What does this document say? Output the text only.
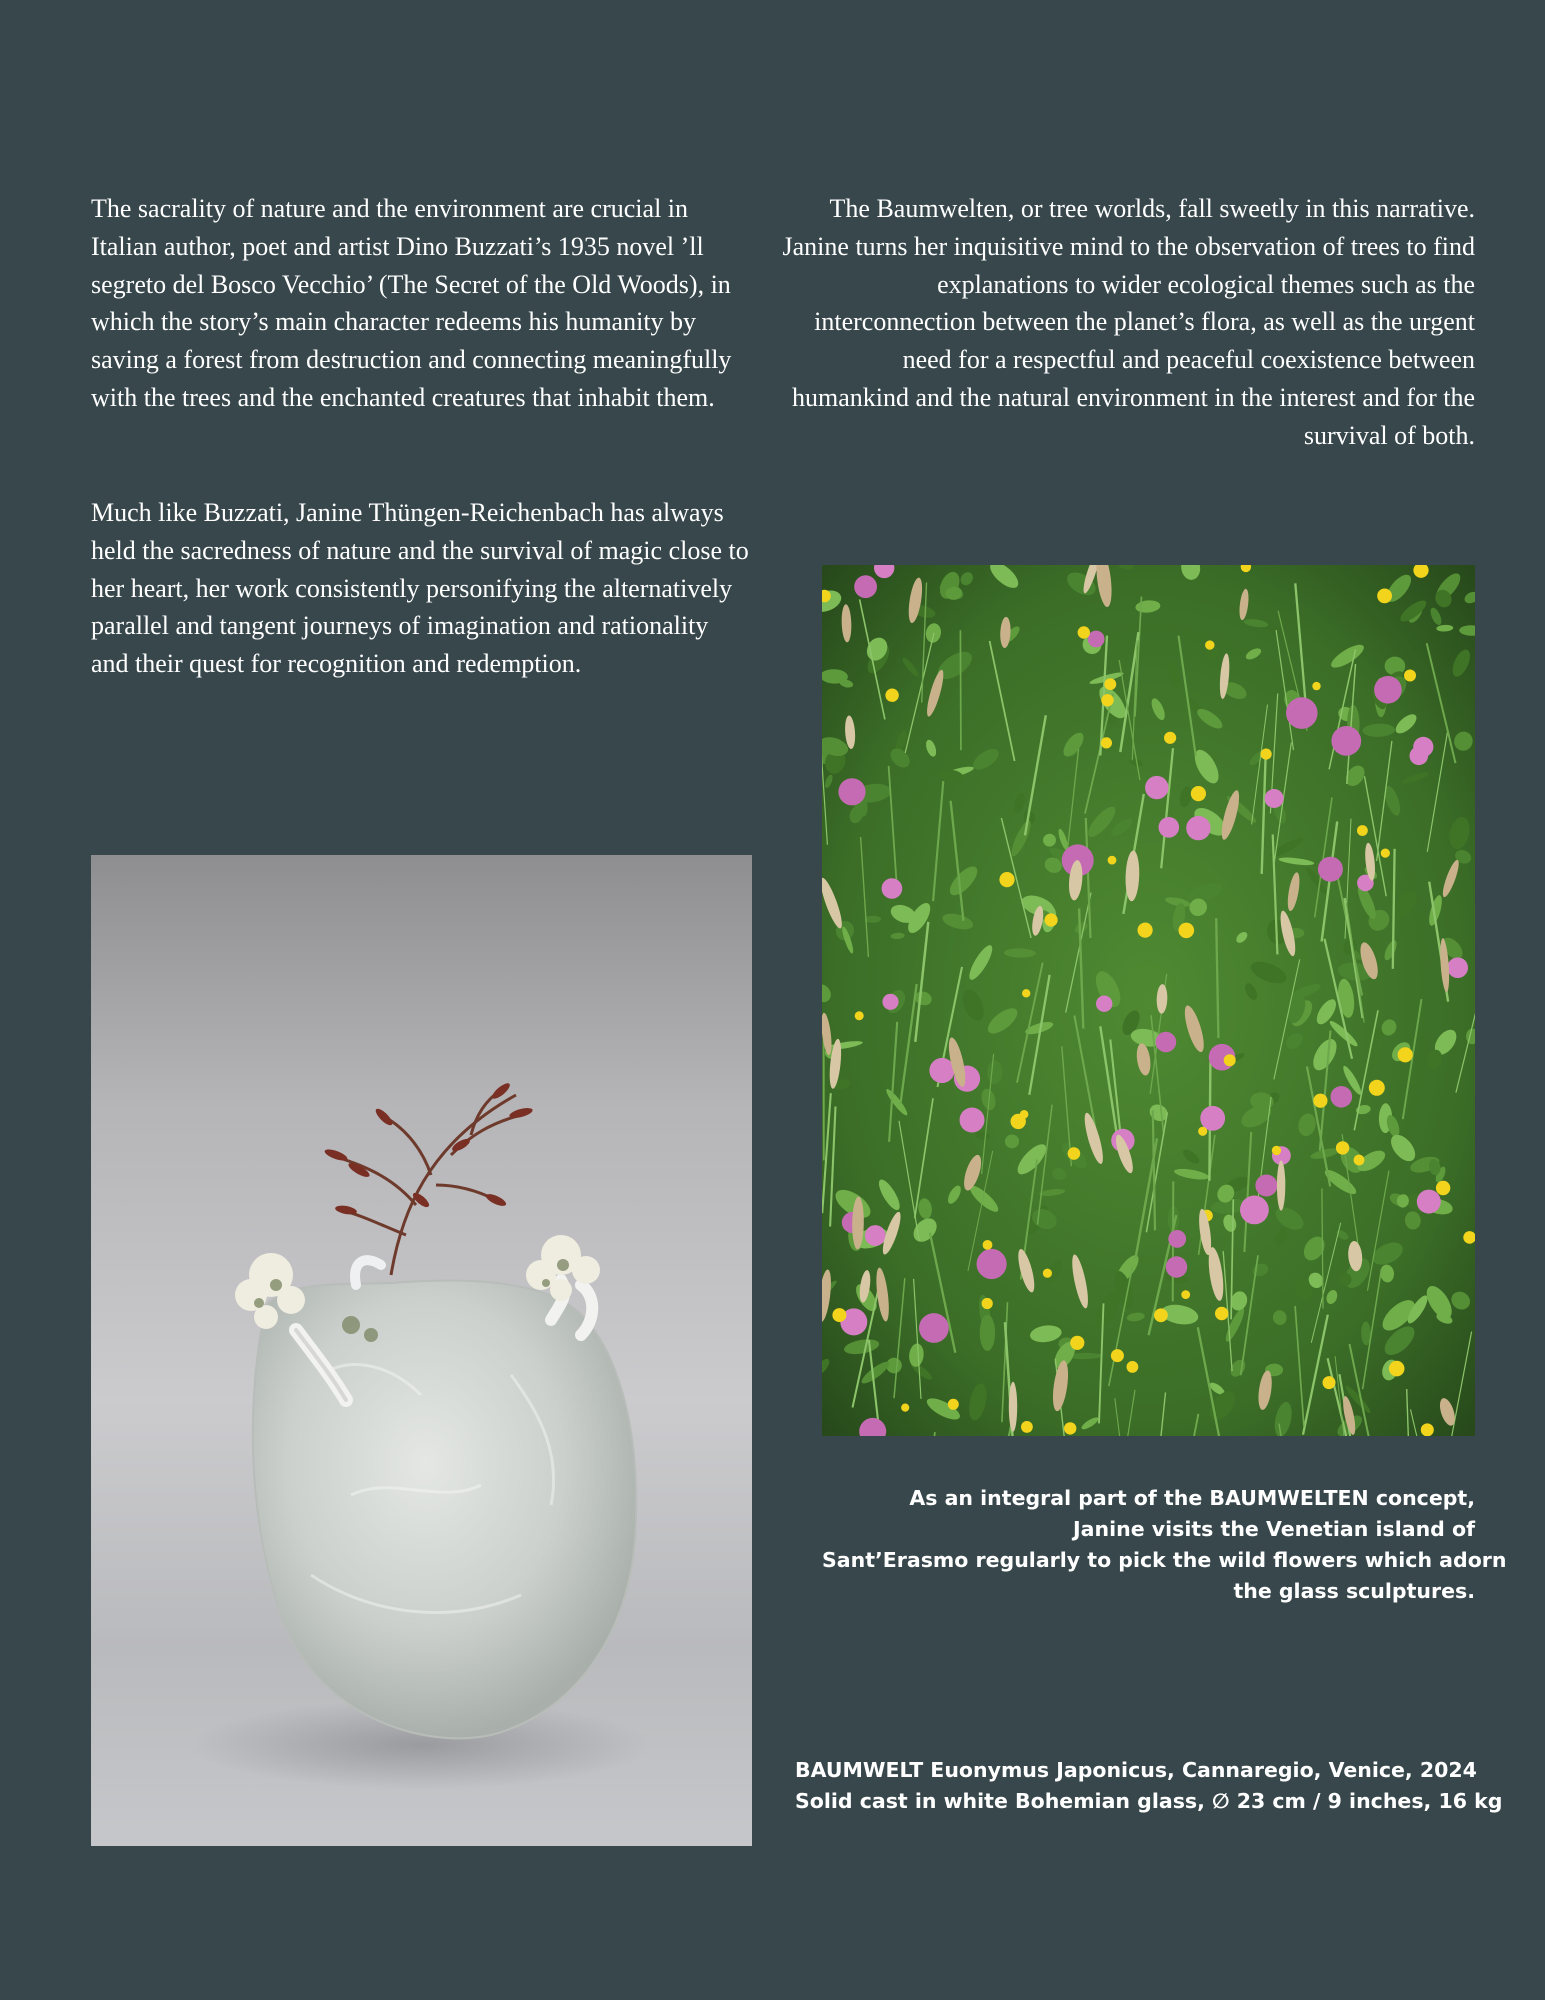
The sacrality of nature and the environment are crucial in Italian author, poet and artist Dino Buzzati’s 1935 novel ’ll segreto del Bosco Vecchio’ (The Secret of the Old Woods), in which the story’s main character redeems his humanity by saving a forest from destruction and connecting meaningfully with the trees and the enchanted creatures that inhabit them.

Much like Buzzati, Janine Thüngen-Reichenbach has always held the sacredness of nature and the survival of magic close to her heart, her work consistently personifying the alternatively parallel and tangent journeys of imagination and rationality and their quest for recognition and redemption.

The Baumwelten, or tree worlds, fall sweetly in this narrative. Janine turns her inquisitive mind to the observation of trees to find explanations to wider ecological themes such as the interconnection between the planet’s flora, as well as the urgent need for a respectful and peaceful coexistence between humankind and the natural environment in the interest and for the survival of both.

As an integral part of the BAUMWELTEN concept,
Janine visits the Venetian island of
Sant’Erasmo regularly to pick the wild flowers which adorn
the glass sculptures.
BAUMWELT Euonymus Japonicus, Cannaregio, Venice, 2024
Solid cast in white Bohemian glass, ∅ 23 cm / 9 inches, 16 kg
